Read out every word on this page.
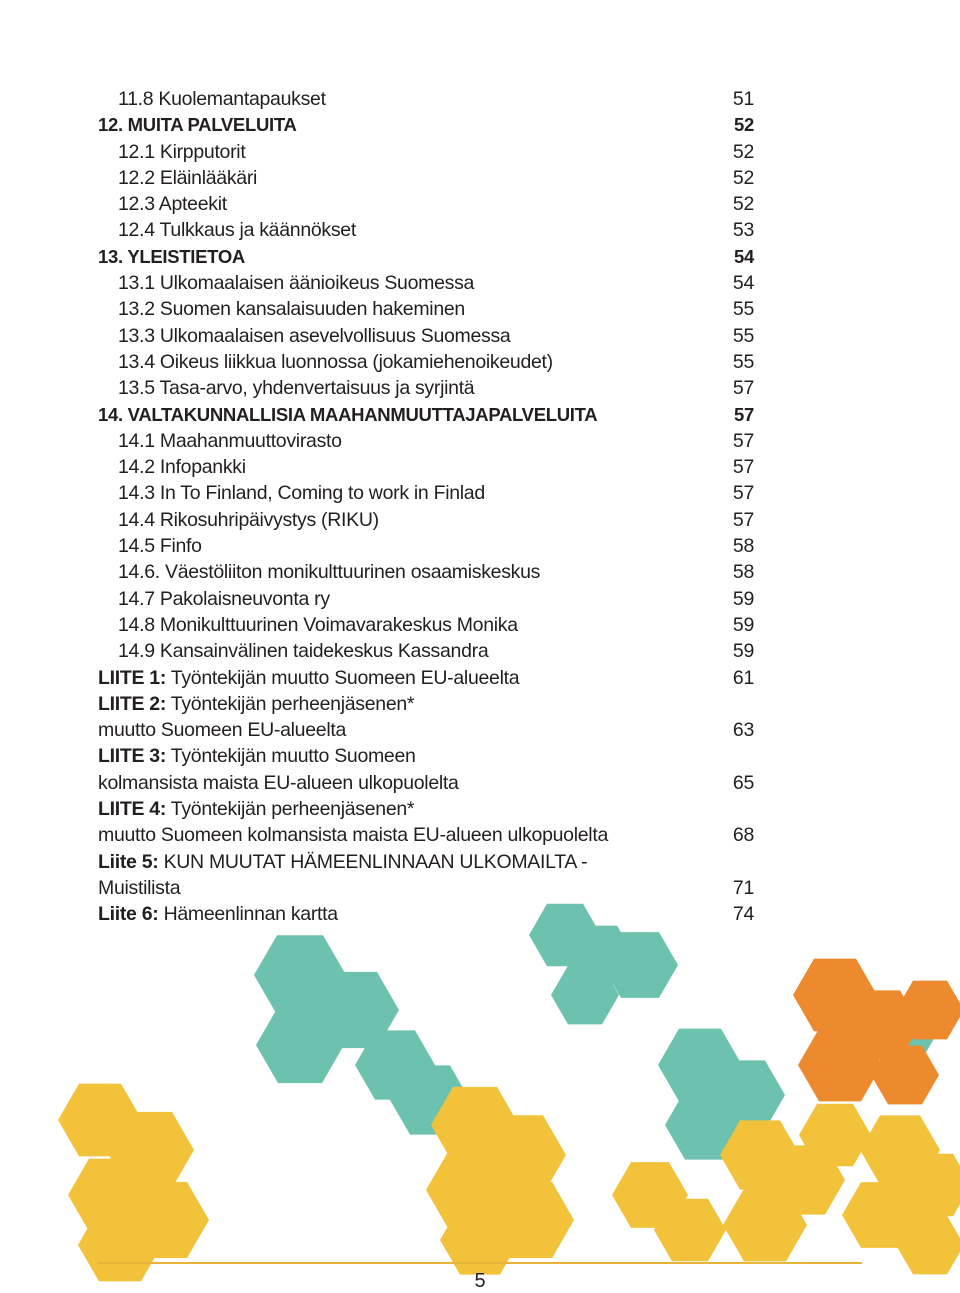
11.8 Kuolemantapaukset	51
12. MUITA PALVELUITA	52
12.1 Kirpputorit	52
12.2 Eläinlääkäri	52
12.3 Apteekit	52
12.4 Tulkkaus ja käännökset	53
13. YLEISTIETOA	54
13.1 Ulkomaalaisen äänioikeus Suomessa	54
13.2 Suomen kansalaisuuden hakeminen	55
13.3 Ulkomaalaisen asevelvollisuus Suomessa	55
13.4 Oikeus liikkua luonnossa (jokamiehenoikeudet)	55
13.5 Tasa-arvo, yhdenvertaisuus ja syrjintä	57
14. VALTAKUNNALLISIA MAAHANMUUTTAJAPALVELUITA	57
14.1 Maahanmuuttovirasto	57
14.2 Infopankki	57
14.3 In To Finland, Coming to work in Finlad	57
14.4 Rikosuhripäivystys (RIKU)	57
14.5 Finfo	58
14.6. Väestöliiton monikulttuurinen osaamiskeskus	58
14.7 Pakolaisneuvonta ry	59
14.8 Monikulttuurinen Voimavarakeskus Monika	59
14.9 Kansainvälinen taidekeskus Kassandra	59
LIITE 1: Työntekijän muutto Suomeen EU-alueelta	61
LIITE 2: Työntekijän perheenjäsenen*
muutto Suomeen EU-alueelta	63
LIITE 3: Työntekijän muutto Suomeen
kolmansista maista EU-alueen ulkopuolelta	65
LIITE 4: Työntekijän perheenjäsenen*
muutto Suomeen kolmansista maista EU-alueen ulkopuolelta	68
Liite 5: KUN MUUTAT HÄMEENLINNAAN ULKOMAILTA -
Muistilista	71
Liite 6: Hämeenlinnan kartta	74
5
